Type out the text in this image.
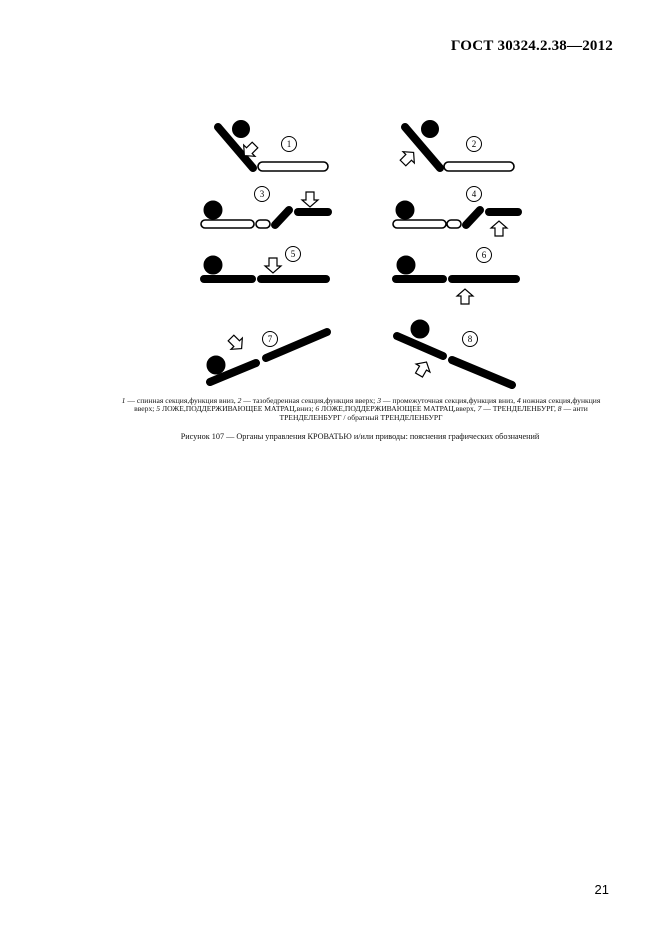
ГОСТ 30324.2.38—2012
1	2
3	4
5	6
7	8
1 — спинная секция,функция вниз, 2 — тазобедренная секция,функция вверх; 3 — промежуточная секция,функция вниз, 4 ножная секция,функция вверх; 5 ЛОЖЕ,ПОДДЕРЖИВАЮЩЕЕ МАТРАЦ,вниз; 6 ЛОЖЕ,ПОДДЕРЖИВАЮЩЕЕ МАТРАЦ,вверх, 7 — ТРЕНДЕЛЕНБУРГ, 8 — анти ТРЕНДЕЛЕНБУРГ / обратный ТРЕНДЕЛЕНБУРГ
Рисунок 107 — Органы управления КРОВАТЬЮ и/или приводы: пояснения графических обозначений
21
